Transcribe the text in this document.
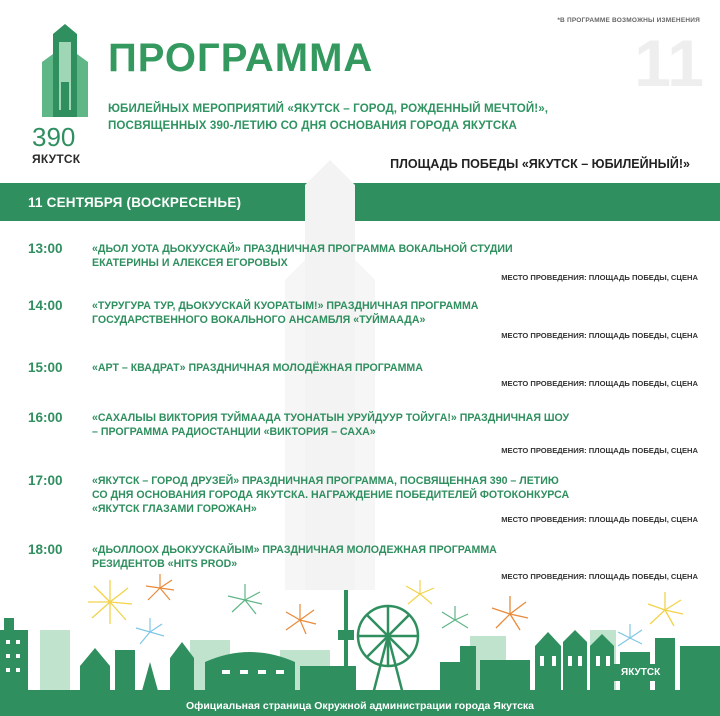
390
ЯКУТСК
*В ПРОГРАММЕ ВОЗМОЖНЫ ИЗМЕНЕНИЯ
11
ПРОГРАММА
ЮБИЛЕЙНЫХ МЕРОПРИЯТИЙ «ЯКУТСК – ГОРОД, РОЖДЕННЫЙ МЕЧТОЙ!»,
ПОСВЯЩЕННЫХ 390-ЛЕТИЮ СО ДНЯ ОСНОВАНИЯ ГОРОДА ЯКУТСКА
ПЛОЩАДЬ ПОБЕДЫ «ЯКУТСК – ЮБИЛЕЙНЫЙ!»
11 СЕНТЯБРЯ (ВОСКРЕСЕНЬЕ)
13:00	«ДЬОЛ УОТА ДЬОКУУСКАЙ» ПРАЗДНИЧНАЯ ПРОГРАММА ВОКАЛЬНОЙ СТУДИИ ЕКАТЕРИНЫ И АЛЕКСЕЯ ЕГОРОВЫХ
МЕСТО ПРОВЕДЕНИЯ: ПЛОЩАДЬ ПОБЕДЫ, СЦЕНА
14:00	«ТУРУГУРА ТУР, ДЬОКУУСКАЙ КУОРАТЫМ!» ПРАЗДНИЧНАЯ ПРОГРАММА ГОСУДАРСТВЕННОГО ВОКАЛЬНОГО АНСАМБЛЯ «ТУЙМААДА»
МЕСТО ПРОВЕДЕНИЯ: ПЛОЩАДЬ ПОБЕДЫ, СЦЕНА
15:00	«АРТ – КВАДРАТ» ПРАЗДНИЧНАЯ МОЛОДЁЖНАЯ ПРОГРАММА
МЕСТО ПРОВЕДЕНИЯ: ПЛОЩАДЬ ПОБЕДЫ, СЦЕНА
16:00	«САХАЛЫЫ ВИКТОРИЯ ТУЙМААДА ТУОНАТЫН УРУЙДУУР ТОЙУГА!» ПРАЗДНИЧНАЯ ШОУ – ПРОГРАММА РАДИОСТАНЦИИ «ВИКТОРИЯ – САХА»
МЕСТО ПРОВЕДЕНИЯ: ПЛОЩАДЬ ПОБЕДЫ, СЦЕНА
17:00	«ЯКУТСК – ГОРОД ДРУЗЕЙ» ПРАЗДНИЧНАЯ ПРОГРАММА, ПОСВЯЩЕННАЯ 390 – ЛЕТИЮ СО ДНЯ ОСНОВАНИЯ ГОРОДА ЯКУТСКА. НАГРАЖДЕНИЕ ПОБЕДИТЕЛЕЙ ФОТОКОНКУРСА «ЯКУТСК ГЛАЗАМИ ГОРОЖАН»
МЕСТО ПРОВЕДЕНИЯ: ПЛОЩАДЬ ПОБЕДЫ, СЦЕНА
18:00	«ДЬОЛЛООХ ДЬОКУУСКАЙЫМ» ПРАЗДНИЧНАЯ МОЛОДЕЖНАЯ ПРОГРАММА РЕЗИДЕНТОВ «HITS PROD»
МЕСТО ПРОВЕДЕНИЯ: ПЛОЩАДЬ ПОБЕДЫ, СЦЕНА
ЯКУТСК
Официальная страница Окружной администрации города Якутска
